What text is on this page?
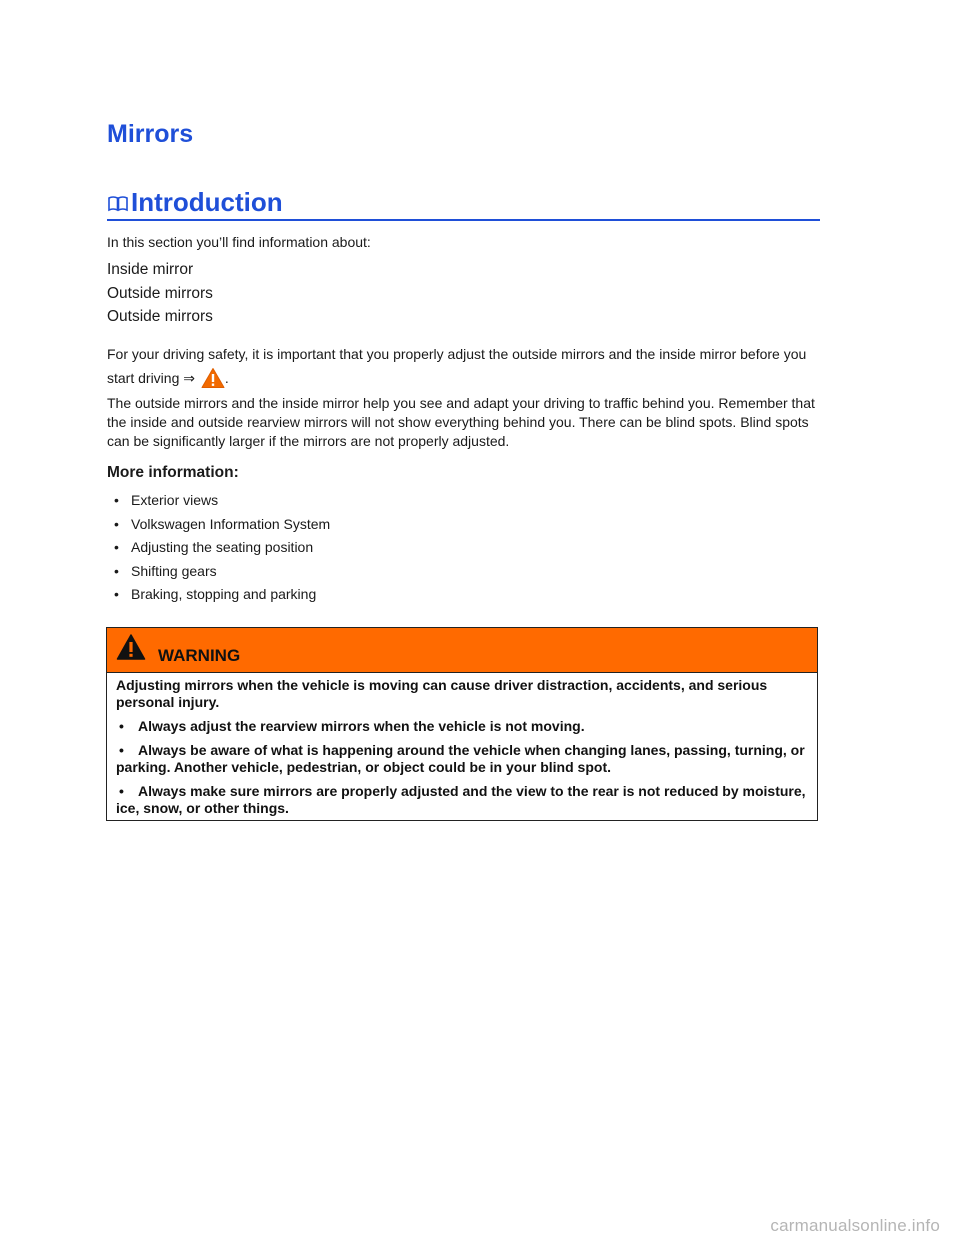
Mirrors
Introduction

In this section you’ll find information about:

Inside mirror
Outside mirrors
Outside mirrors

For your driving safety, it is important that you properly adjust the outside mirrors and the inside mirror before you start driving ⇒ .

The outside mirrors and the inside mirror help you see and adapt your driving to traffic behind you. Remember that the inside and outside rearview mirrors will not show everything behind you. There can be blind spots. Blind spots can be significantly larger if the mirrors are not properly adjusted.

More information:
• Exterior views
• Volkswagen Information System
• Adjusting the seating position
• Shifting gears
• Braking, stopping and parking
WARNING

Adjusting mirrors when the vehicle is moving can cause driver distraction, accidents, and serious personal injury.

• Always adjust the rearview mirrors when the vehicle is not moving.

• Always be aware of what is happening around the vehicle when changing lanes, passing, turning, or parking. Another vehicle, pedestrian, or object could be in your blind spot.

• Always make sure mirrors are properly adjusted and the view to the rear is not reduced by moisture, ice, snow, or other things.

carmanualsonline.info
